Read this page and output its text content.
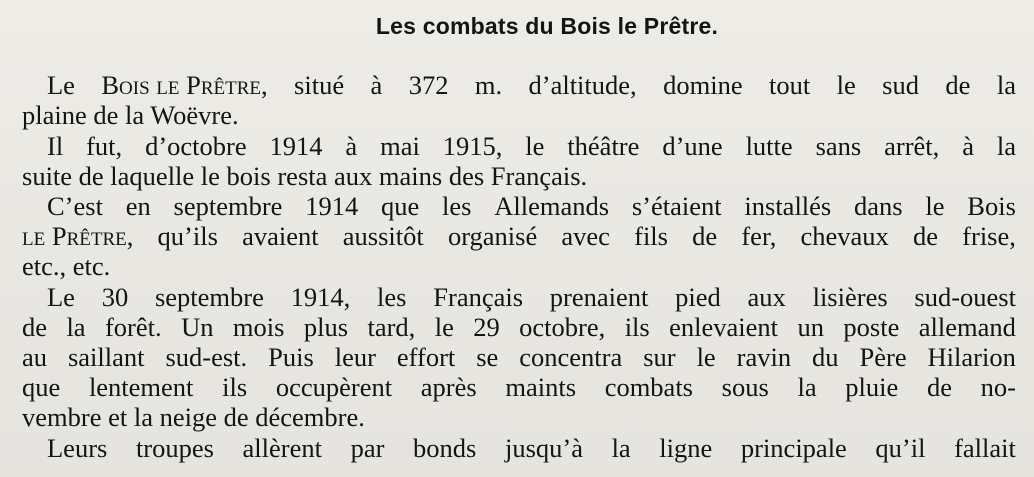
Les combats du Bois le Prêtre.
Le Bois le Prêtre, situé à 372 m. d’altitude, domine tout le sud de la
plaine de la Woëvre.
Il fut, d’octobre 1914 à mai 1915, le théâtre d’une lutte sans arrêt, à la
suite de laquelle le bois resta aux mains des Français.
C’est en septembre 1914 que les Allemands s’étaient installés dans le Bois
le Prêtre, qu’ils avaient aussitôt organisé avec fils de fer, chevaux de frise,
etc., etc.
Le 30 septembre 1914, les Français prenaient pied aux lisières sud-ouest
de la forêt. Un mois plus tard, le 29 octobre, ils enlevaient un poste allemand
au saillant sud-est. Puis leur effort se concentra sur le ravin du Père Hilarion
que lentement ils occupèrent après maints combats sous la pluie de no-
vembre et la neige de décembre.
Leurs troupes allèrent par bonds jusqu’à la ligne principale qu’il fallait
